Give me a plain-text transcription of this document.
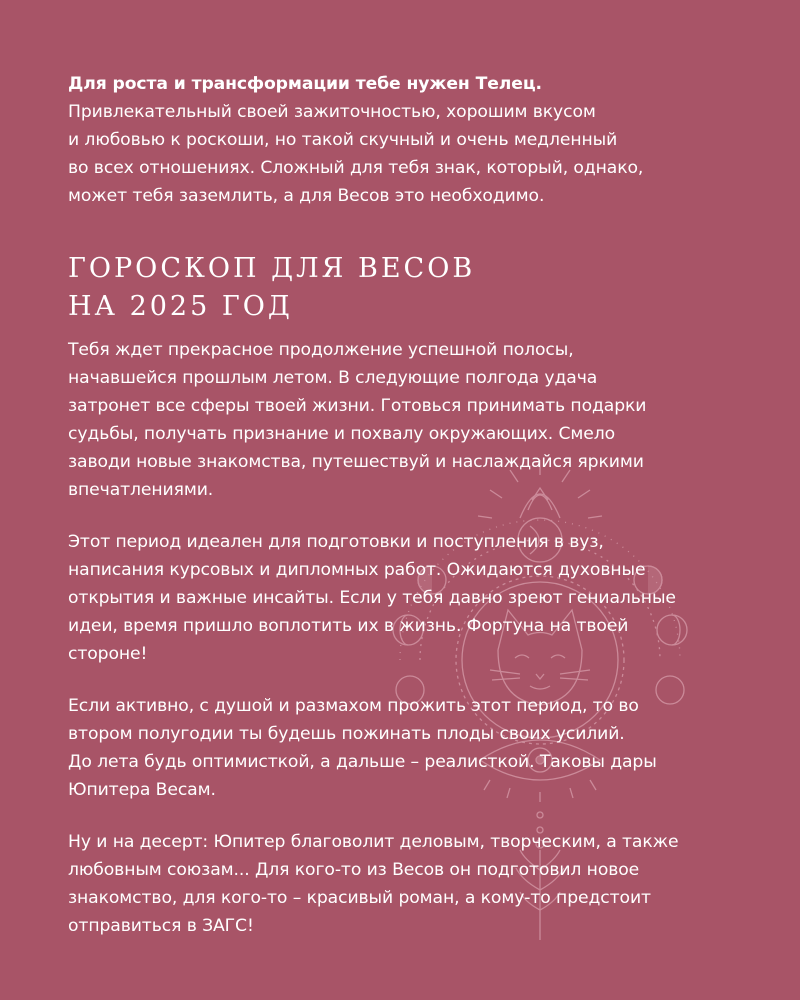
Для роста и трансформации тебе нужен Телец.
Привлекательный своей зажиточностью, хорошим вкусом
и любовью к роскоши, но такой скучный и очень медленный
во всех отношениях. Сложный для тебя знак, который, однако,
может тебя заземлить, а для Весов это необходимо.

ГОРОСКОП ДЛЯ ВЕСОВ
НА 2025 ГОД

Тебя ждет прекрасное продолжение успешной полосы,
начавшейся прошлым летом. В следующие полгода удача
затронет все сферы твоей жизни. Готовься принимать подарки
судьбы, получать признание и похвалу окружающих. Смело
заводи новые знакомства, путешествуй и наслаждайся яркими
впечатлениями.

Этот период идеален для подготовки и поступления в вуз,
написания курсовых и дипломных работ. Ожидаются духовные
открытия и важные инсайты. Если у тебя давно зреют гениальные
идеи, время пришло воплотить их в жизнь. Фортуна на твоей
стороне!

Если активно, с душой и размахом прожить этот период, то во
втором полугодии ты будешь пожинать плоды своих усилий.
До лета будь оптимисткой, а дальше – реалисткой. Таковы дары
Юпитера Весам.

Ну и на десерт: Юпитер благоволит деловым, творческим, а также
любовным союзам... Для кого-то из Весов он подготовил новое
знакомство, для кого-то – красивый роман, а кому-то предстоит
отправиться в ЗАГС!
